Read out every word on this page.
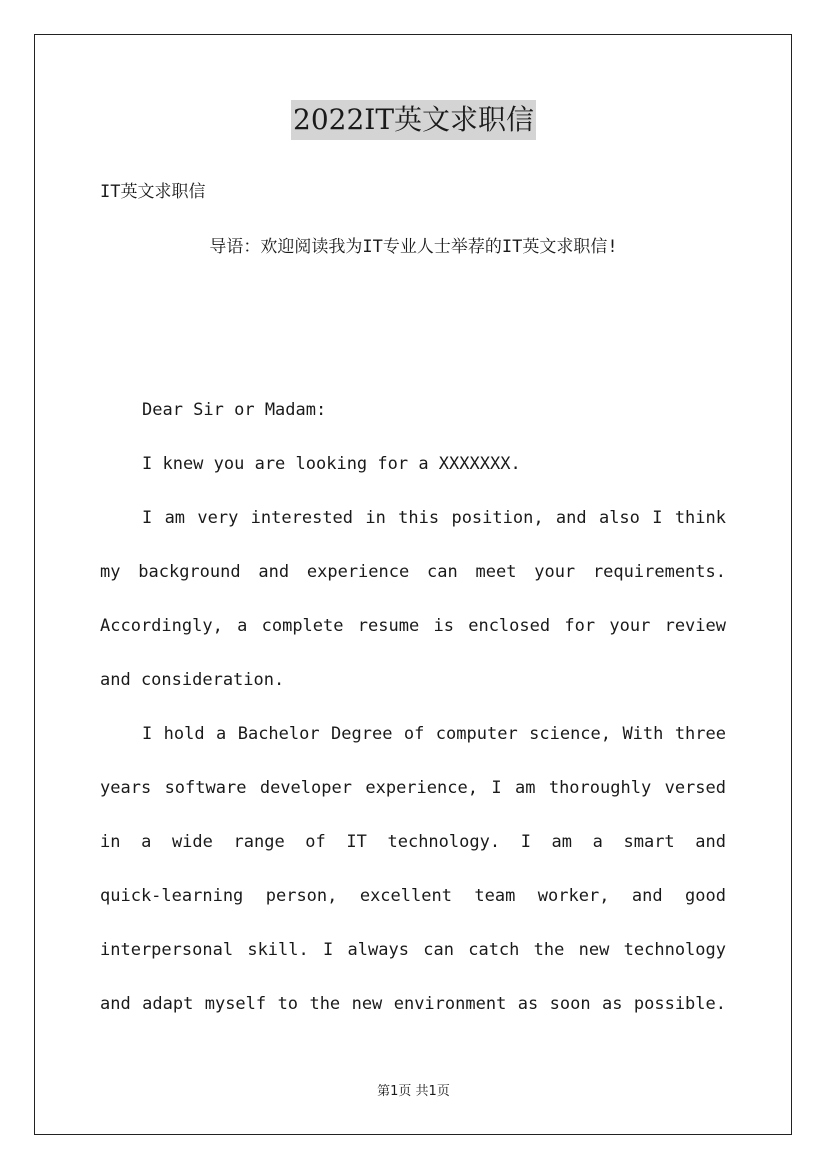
2022IT英文求职信
IT英文求职信
导语：欢迎阅读我为IT专业人士举荐的IT英文求职信!
Dear Sir or Madam:
I knew you are looking for a XXXXXXX.
I am very interested in this position, and also I think
my background and experience can meet your requirements.
Accordingly, a complete resume is enclosed for your review
and consideration.
I hold a Bachelor Degree of computer science, With three
years software developer experience, I am thoroughly versed
in a wide range of IT technology. I am a smart and
quick-learning person, excellent team worker, and good
interpersonal skill. I always can catch the new technology
and adapt myself to the new environment as soon as possible.
第1页 共1页
